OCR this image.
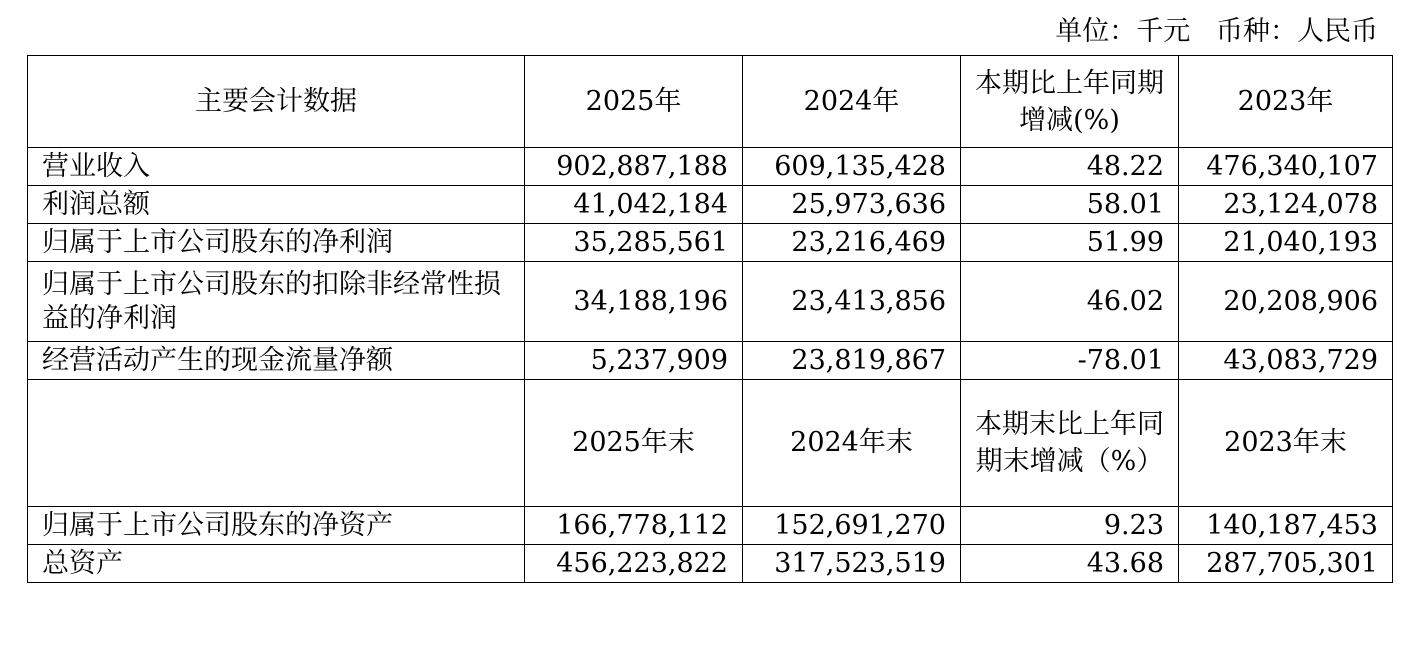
单位：千元   币种：人民币
主要会计数据	2025年	2024年	本期比上年同期增减(%)	2023年
营业收入	902,887,188	609,135,428	48.22	476,340,107
利润总额	41,042,184	25,973,636	58.01	23,124,078
归属于上市公司股东的净利润	35,285,561	23,216,469	51.99	21,040,193
归属于上市公司股东的扣除非经常性损益的净利润	34,188,196	23,413,856	46.02	20,208,906
经营活动产生的现金流量净额	5,237,909	23,819,867	-78.01	43,083,729
	2025年末	2024年末	本期末比上年同期末增减（%）	2023年末
归属于上市公司股东的净资产	166,778,112	152,691,270	9.23	140,187,453
总资产	456,223,822	317,523,519	43.68	287,705,301
